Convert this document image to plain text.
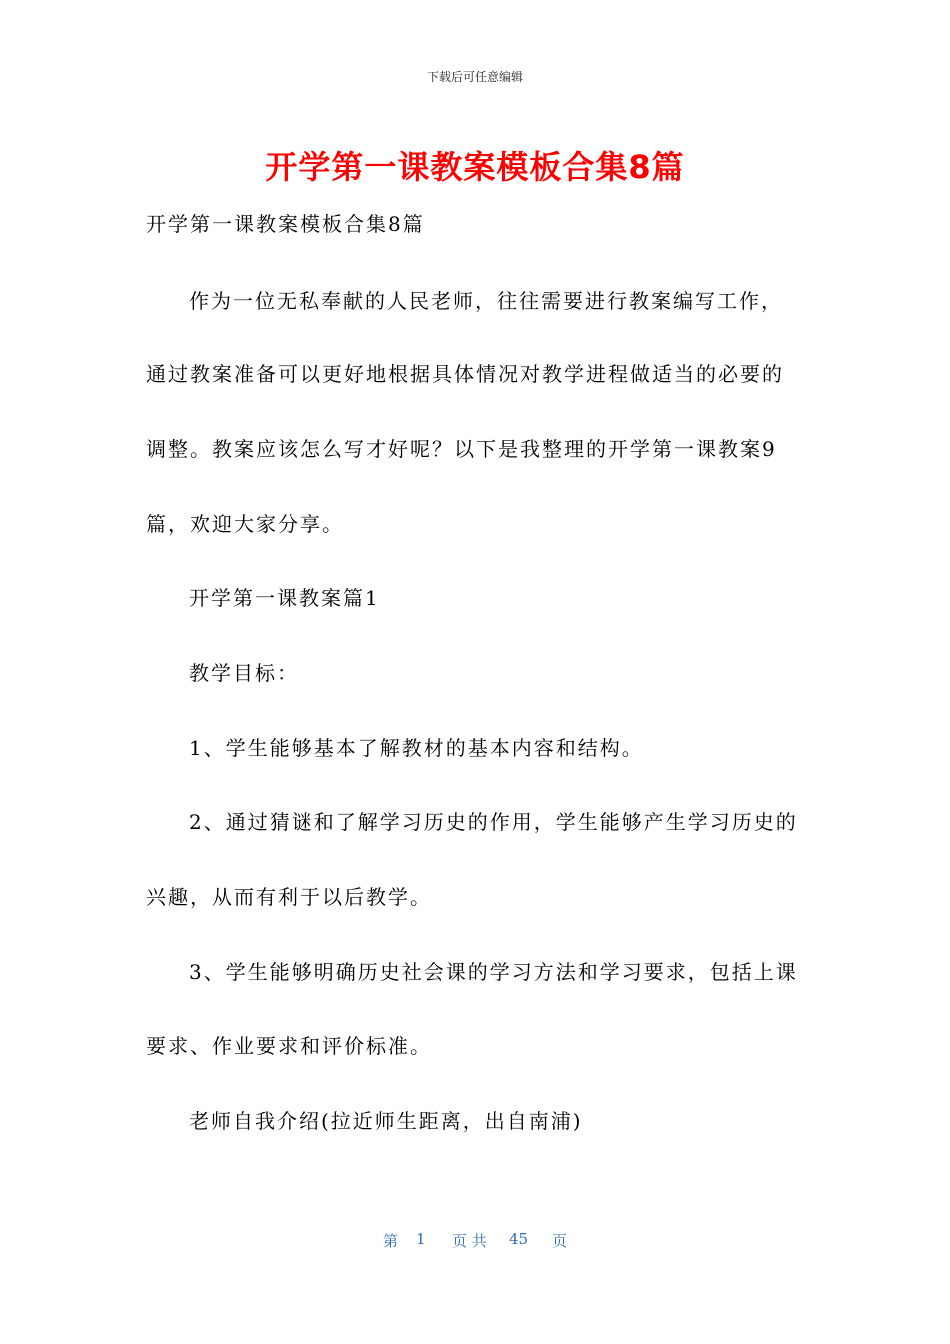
下载后可任意编辑
开学第一课教案模板合集8篇
开学第一课教案模板合集8篇
作为一位无私奉献的人民老师，往往需要进行教案编写工作，
通过教案准备可以更好地根据具体情况对教学进程做适当的必要的
调整。教案应该怎么写才好呢？以下是我整理的开学第一课教案9
篇，欢迎大家分享。
开学第一课教案篇1
教学目标：
1、学生能够基本了解教材的基本内容和结构。
2、通过猜谜和了解学习历史的作用，学生能够产生学习历史的
兴趣，从而有利于以后教学。
3、学生能够明确历史社会课的学习方法和学习要求，包括上课
要求、作业要求和评价标准。
老师自我介绍(拉近师生距离，出自南浦)
第 1 页 共 45 页
